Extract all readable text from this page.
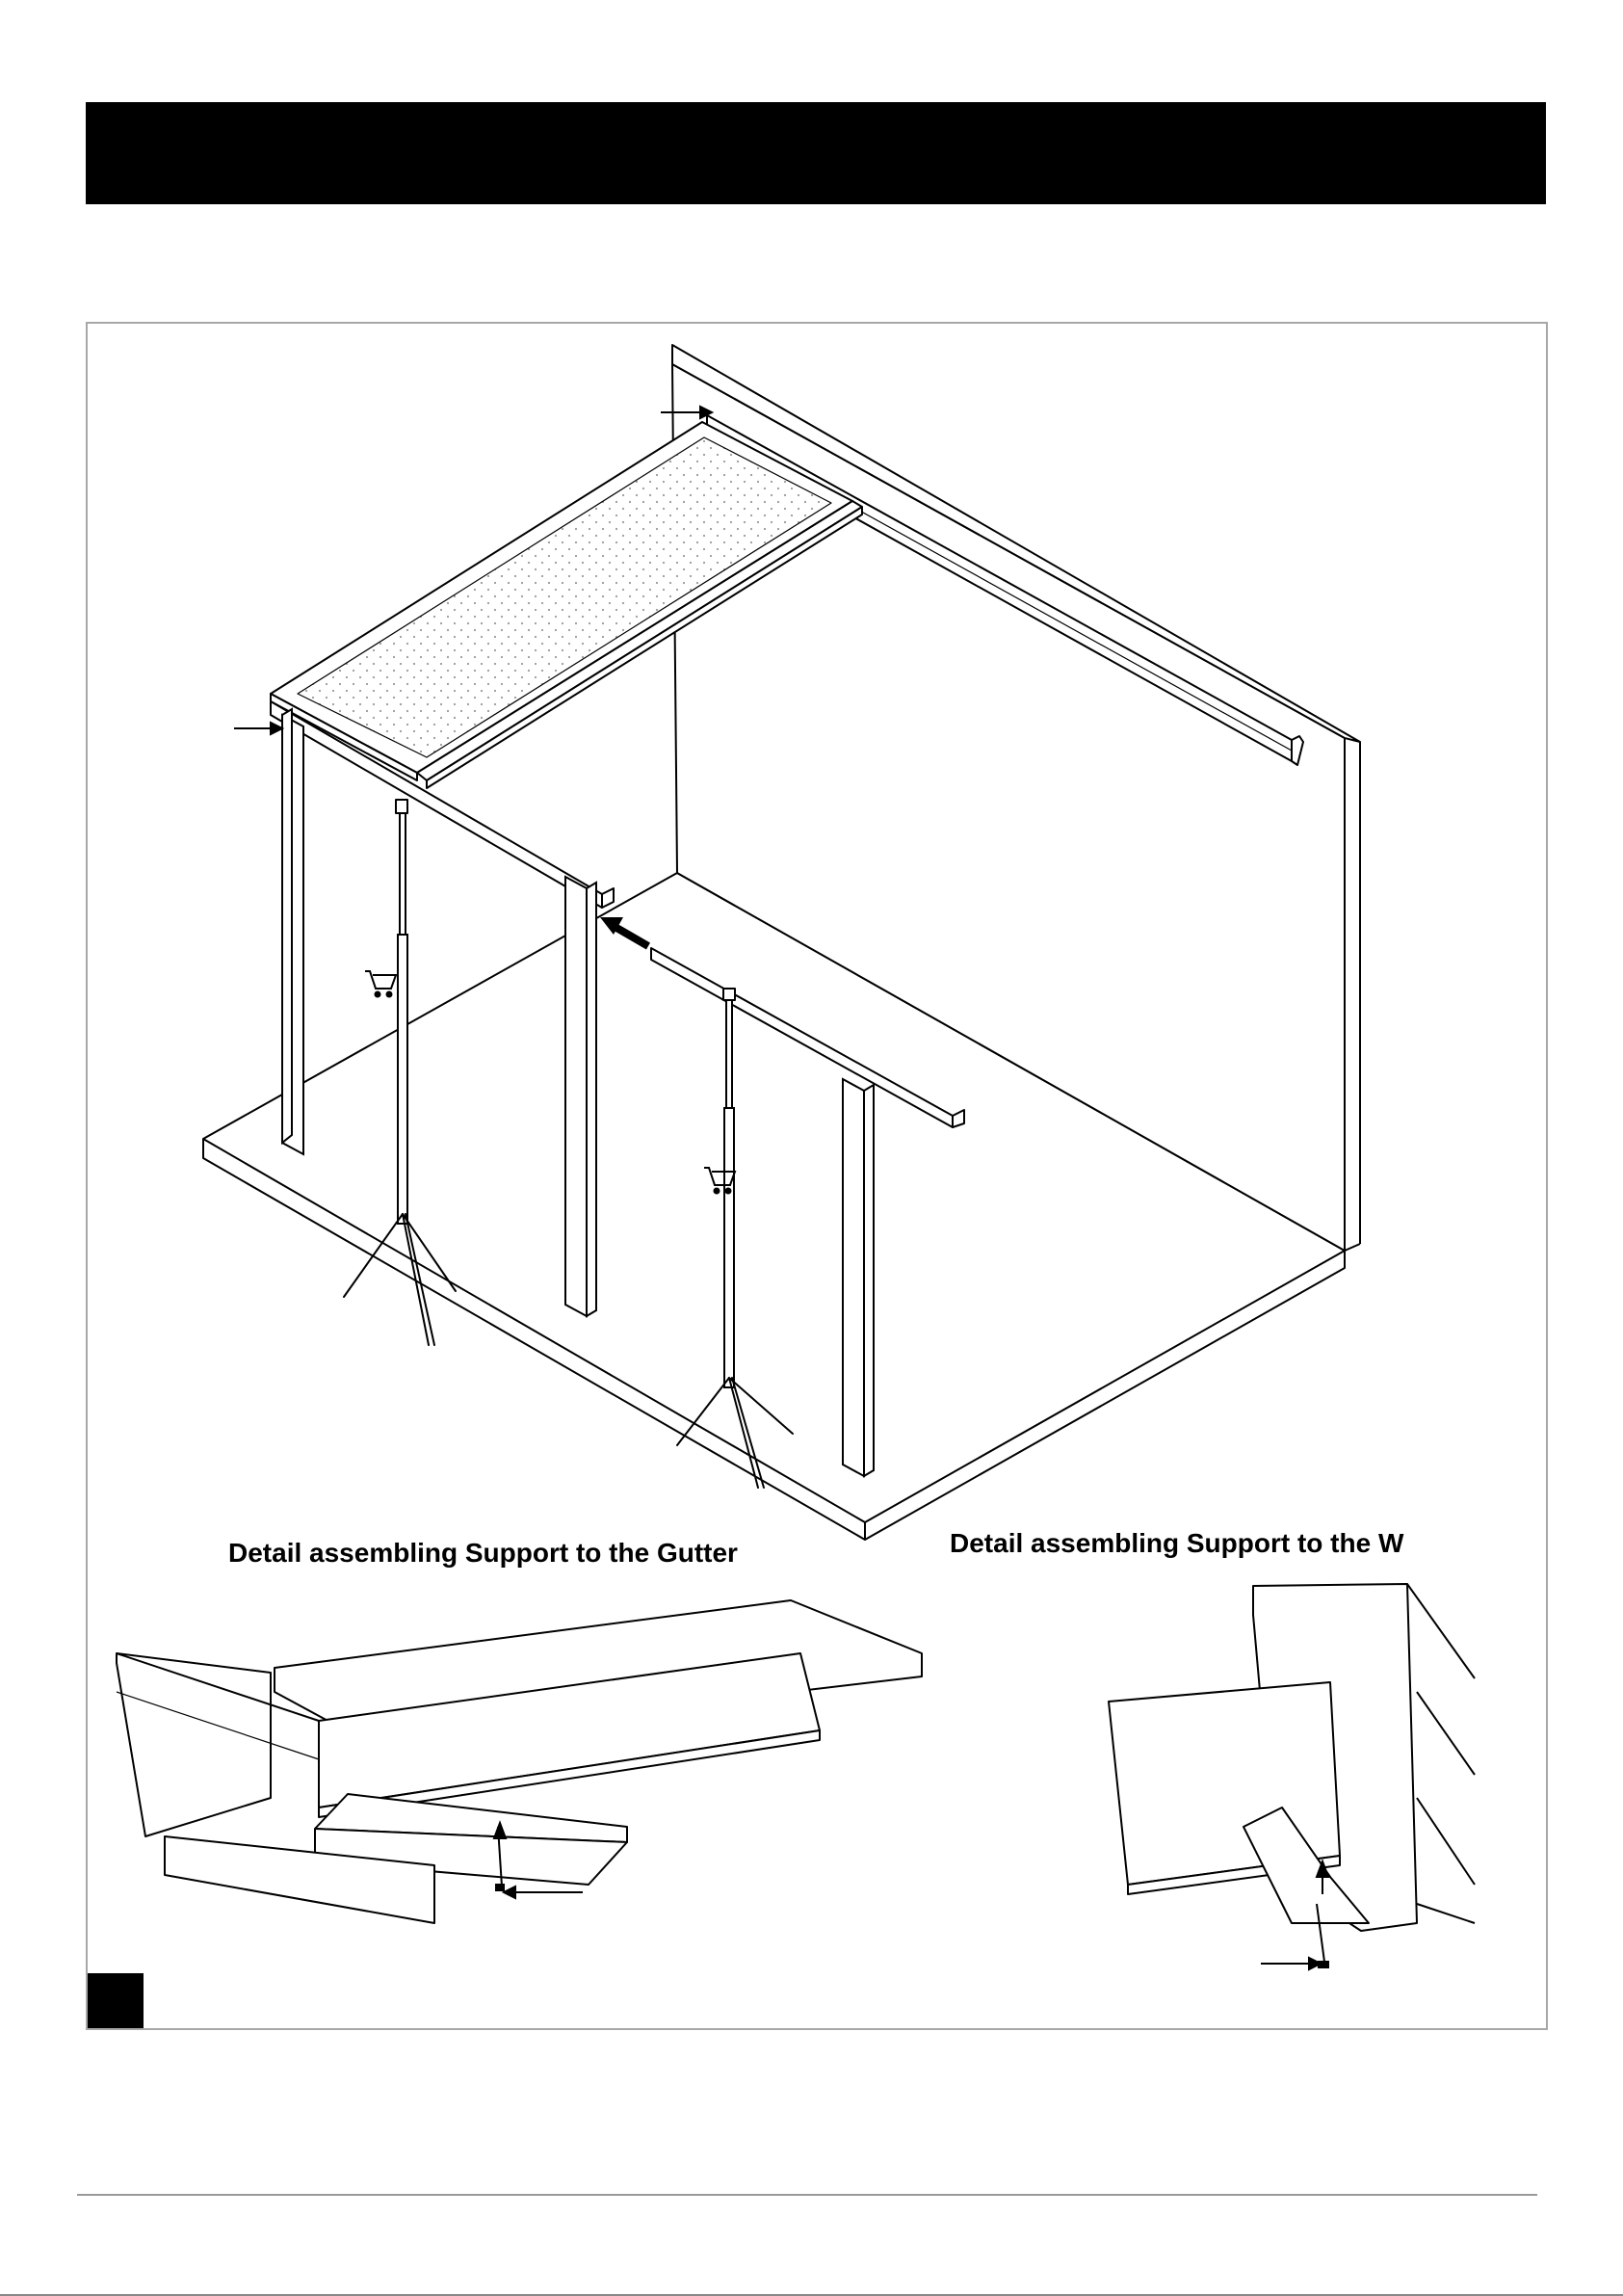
Detail assembling Support to the Gutter	Detail assembling Support to the W
